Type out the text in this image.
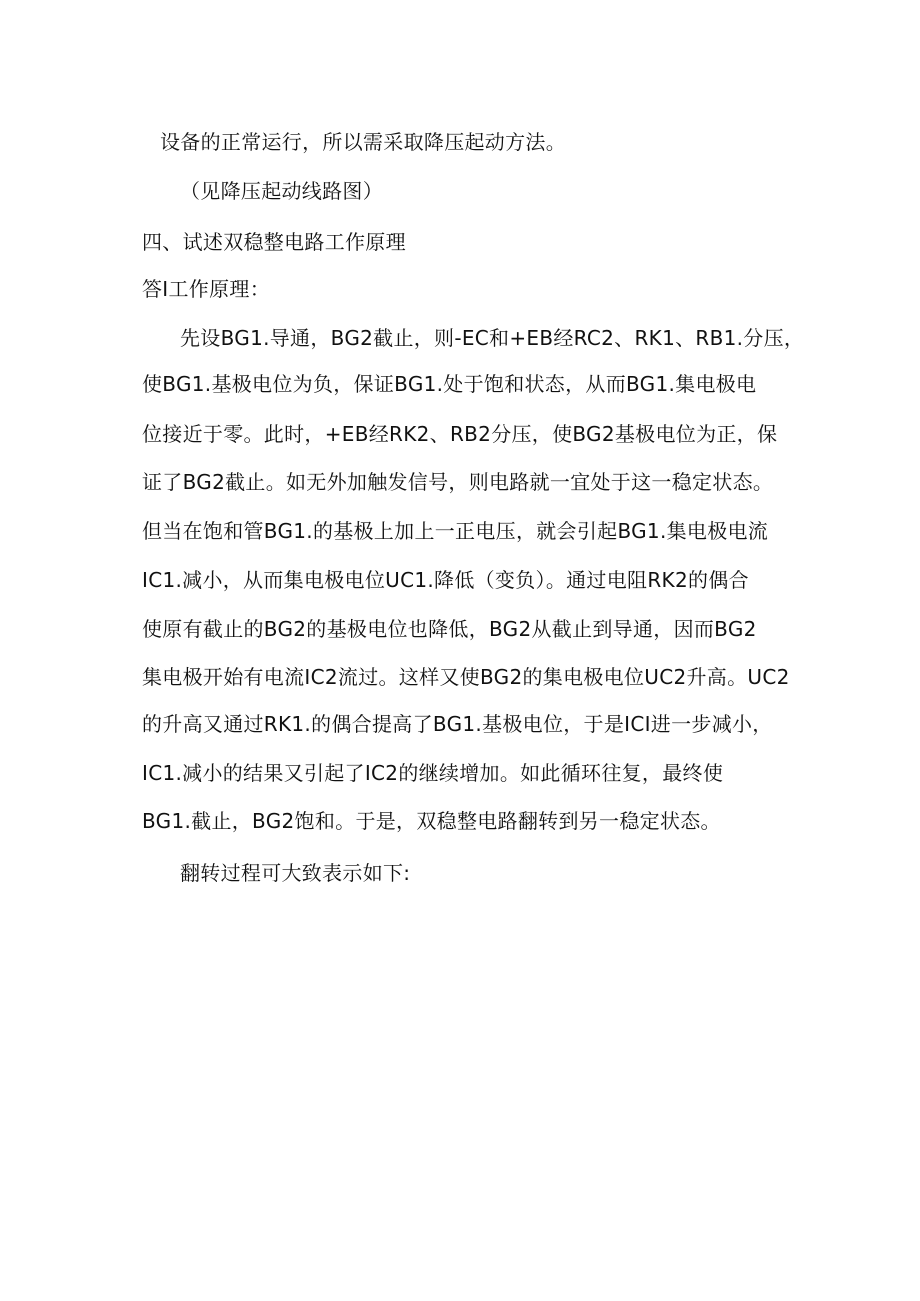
设备的正常运行，所以需采取降压起动方法。
（见降压起动线路图）
四、试述双稳整电路工作原理
答I工作原理：
先设BG1.导通，BG2截止，则-EC和+EB经RC2、RK1、RB1.分压，
使BG1.基极电位为负，保证BG1.处于饱和状态，从而BG1.集电极电
位接近于零。此时，+EB经RK2、RB2分压，使BG2基极电位为正，保
证了BG2截止。如无外加触发信号，则电路就一宜处于这一稳定状态。
但当在饱和管BG1.的基极上加上一正电压，就会引起BG1.集电极电流
IC1.减小，从而集电极电位UC1.降低（变负）。通过电阻RK2的偶合
使原有截止的BG2的基极电位也降低，BG2从截止到导通，因而BG2
集电极开始有电流IC2流过。这样又使BG2的集电极电位UC2升高。UC2
的升高又通过RK1.的偶合提高了BG1.基极电位，于是ICI进一步减小，
IC1.减小的结果又引起了IC2的继续增加。如此循环往复，最终使
BG1.截止，BG2饱和。于是，双稳整电路翻转到另一稳定状态。
翻转过程可大致表示如下:
